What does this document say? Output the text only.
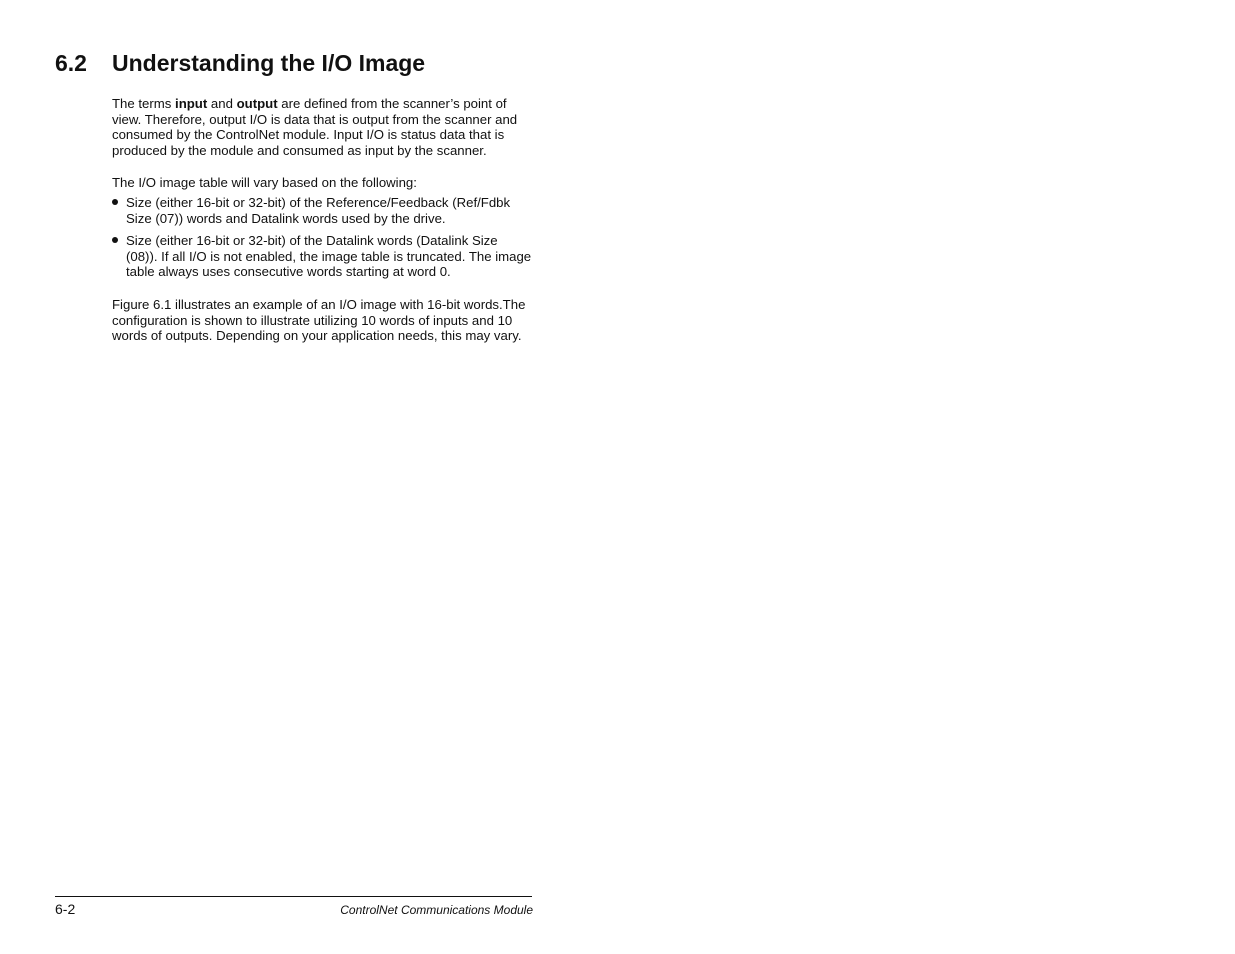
6.2 Understanding the I/O Image

The terms input and output are defined from the scanner’s point of view. Therefore, output I/O is data that is output from the scanner and consumed by the ControlNet module. Input I/O is status data that is produced by the module and consumed as input by the scanner.

The I/O image table will vary based on the following:

Size (either 16-bit or 32-bit) of the Reference/Feedback (Ref/Fdbk Size (07)) words and Datalink words used by the drive.
Size (either 16-bit or 32-bit) of the Datalink words (Datalink Size (08)). If all I/O is not enabled, the image table is truncated. The image table always uses consecutive words starting at word 0.

Figure 6.1 illustrates an example of an I/O image with 16-bit words.The configuration is shown to illustrate utilizing 10 words of inputs and 10 words of outputs. Depending on your application needs, this may vary.

6-2	ControlNet Communications Module
